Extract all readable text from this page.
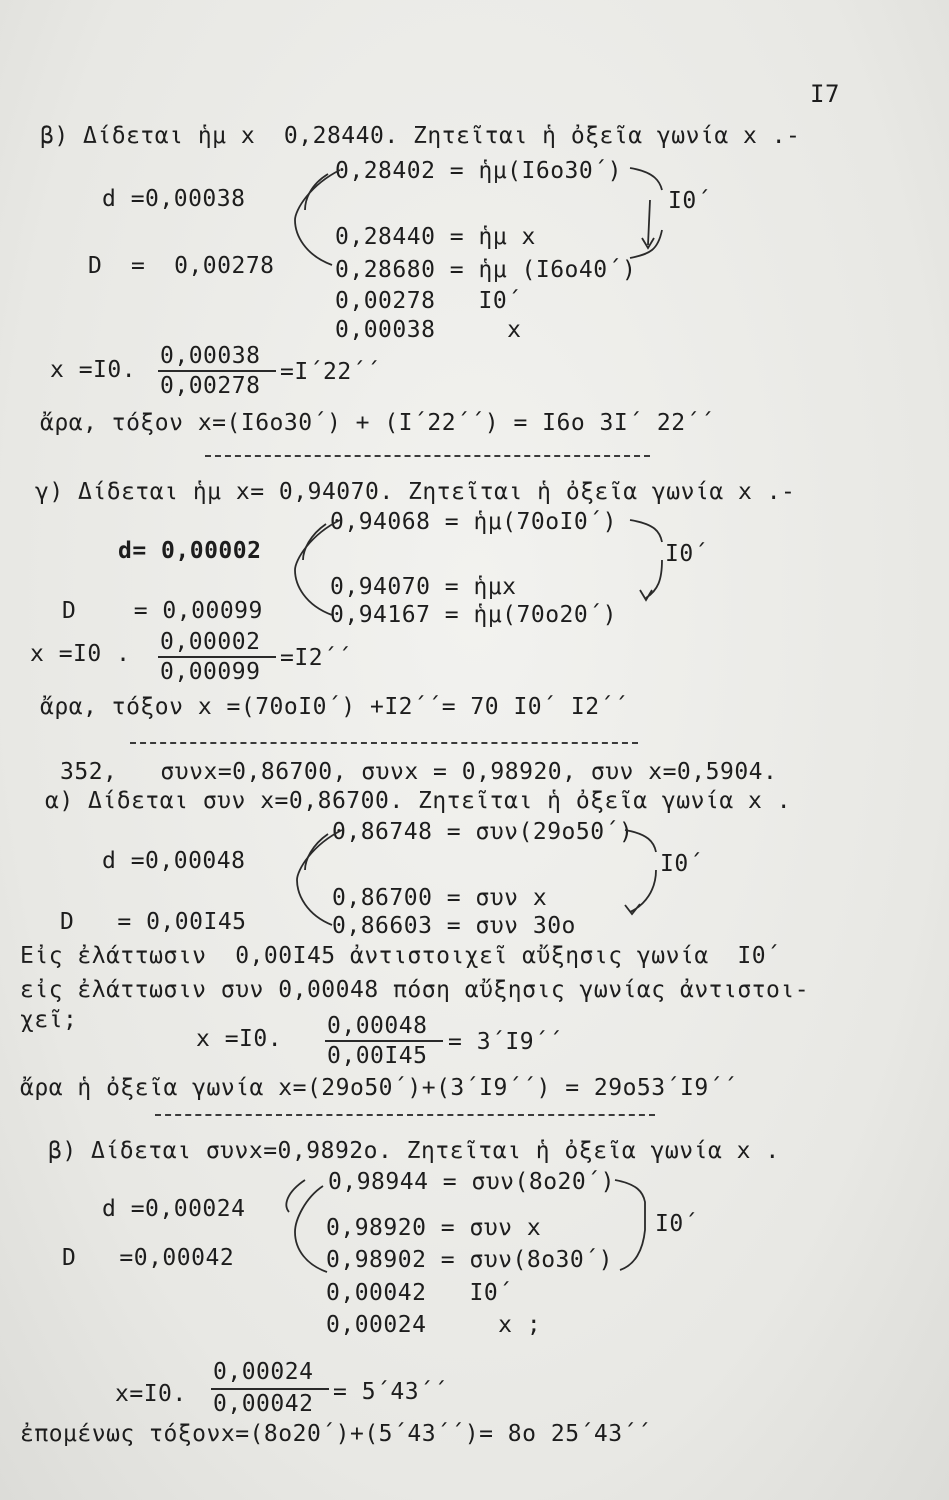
I7
β) Δίδεται ἡμ x  0,28440. Ζητεῖται ἡ ὀξεῖα γωνία x .-
0,28402 = ἡμ(I6o30΄)
d =0,00038	I0΄
0,28440 = ἡμ x
D  =  0,00278	0,28680 = ἡμ (I6o40΄)
0,00278   I0΄
0,00038     x
x =I0.
0,00038
0,00278
=I΄22΄΄
ἄρα, τόξον x=(I6o30΄) + (I΄22΄΄) = I6o 3I΄ 22΄΄
γ) Δίδεται ἡμ x= 0,94070. Ζητεῖται ἡ ὀξεῖα γωνία x .-
0,94068 = ἡμ(70oI0΄)
d= 0,00002	I0΄
0,94070 = ἡμx
D    = 0,00099	0,94167 = ἡμ(70o20΄)
x =I0 . 0,00002
0,00099
=I2΄΄
ἄρα, τόξον x =(70oI0΄) +I2΄΄= 70 I0΄ I2΄΄
352,   συνx=0,86700, συνx = 0,98920, συν x=0,5904.
α) Δίδεται συν x=0,86700. Ζητεῖται ἡ ὀξεῖα γωνία x .
0,86748 = συν(29o50΄)
d =0,00048	I0΄
0,86700 = συν x
D   = 0,00I45	0,86603 = συν 30o
Εἰς ἐλάττωσιν  0,00I45 ἀντιστοιχεῖ αὔξησις γωνία  I0΄
εἰς ἐλάττωσιν συν 0,00048 πόση αὔξησις γωνίας ἀντιστοι-
χεῖ;
x =I0. 0,00048
0,00I45
= 3΄I9΄΄
ἄρα ἡ ὀξεῖα γωνία x=(29o50΄)+(3΄I9΄΄) = 29o53΄I9΄΄
β) Δίδεται συνx=0,9892o. Ζητεῖται ἡ ὀξεῖα γωνία x .
0,98944 = συν(8o20΄)
d =0,00024
0,98920 = συν x	I0΄
D   =0,00042	0,98902 = συν(8o30΄)
0,00042   I0΄
0,00024     x ;
x=I0.
0,00024
0,00042 = 5΄43΄΄
ἐπομένως τόξονx=(8o20΄)+(5΄43΄΄)= 8o 25΄43΄΄
